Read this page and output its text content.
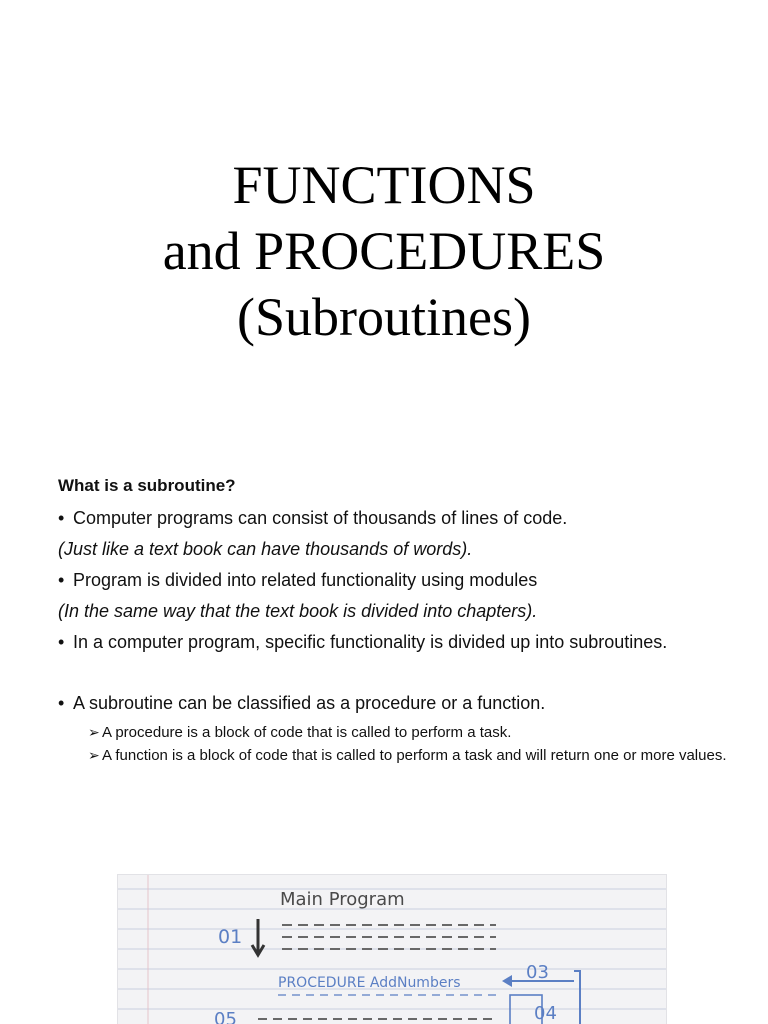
FUNCTIONS
and PROCEDURES
(Subroutines)

What is a subroutine?

• Computer programs can consist of thousands of lines of code.

(Just like a text book can have thousands of words).

• Program is divided into related functionality using modules

(In the same way that the text book is divided into chapters).

• In a computer program, specific functionality is divided up into subroutines.

• A subroutine can be classified as a procedure or a function.

➢ A procedure is a block of code that is called to perform a task.

➢ A function is a block of code that is called to perform a task and will return one or more values.

Main Program
01
PROCEDURE AddNumbers	03
04
05
